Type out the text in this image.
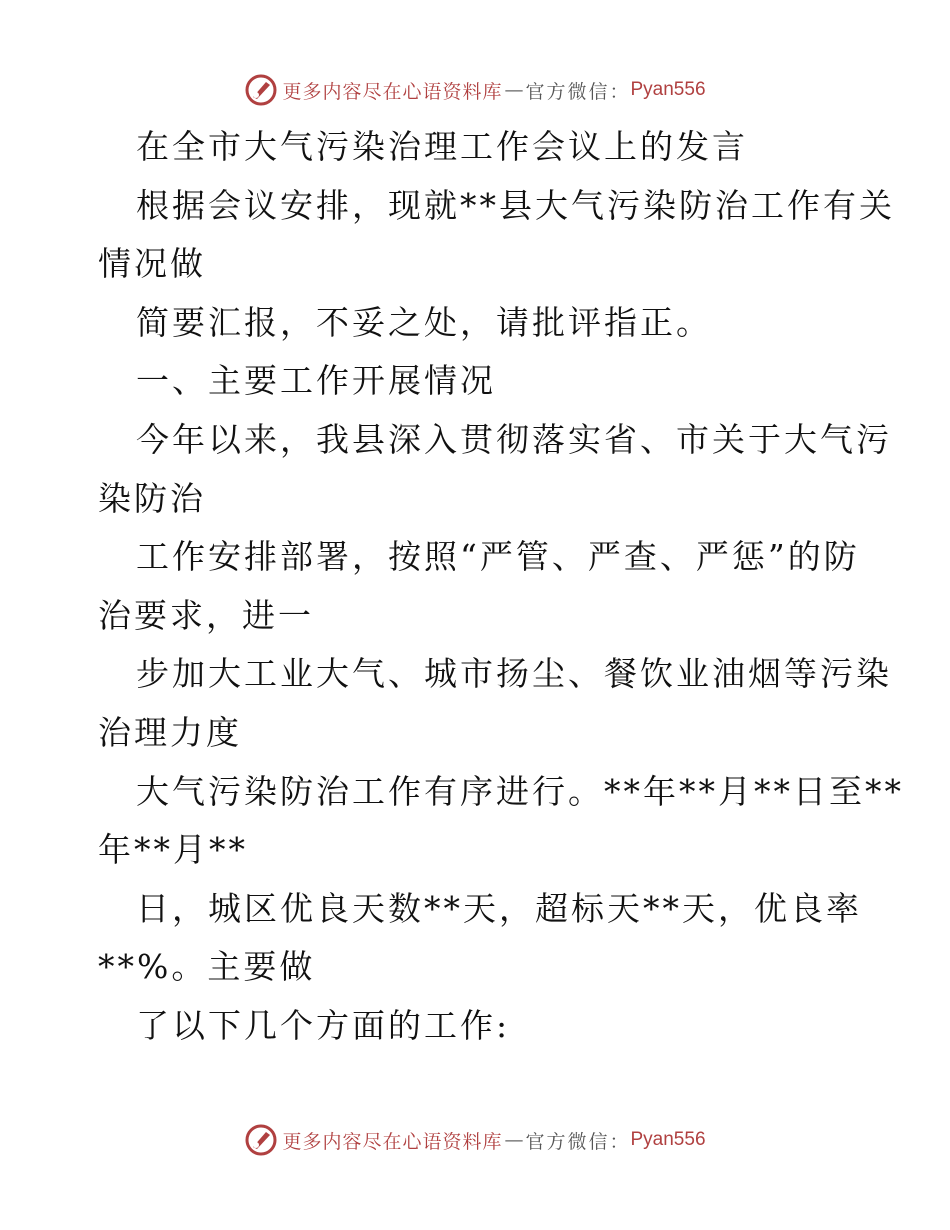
更多内容尽在心语资料库 — 官方微信： Pyan556
在全市大气污染治理工作会议上的发言
根据会议安排，现就**县大气污染防治工作有关
情况做
简要汇报，不妥之处，请批评指正。
一、主要工作开展情况
今年以来，我县深入贯彻落实省、市关于大气污
染防治
工作安排部署，按照“严管、严查、严惩”的防
治要求，进一
步加大工业大气、城市扬尘、餐饮业油烟等污染
治理力度
大气污染防治工作有序进行。**年**月**日至**
年**月**
日，城区优良天数**天，超标天**天，优良率
**%。主要做
了以下几个方面的工作:
更多内容尽在心语资料库 — 官方微信： Pyan556
